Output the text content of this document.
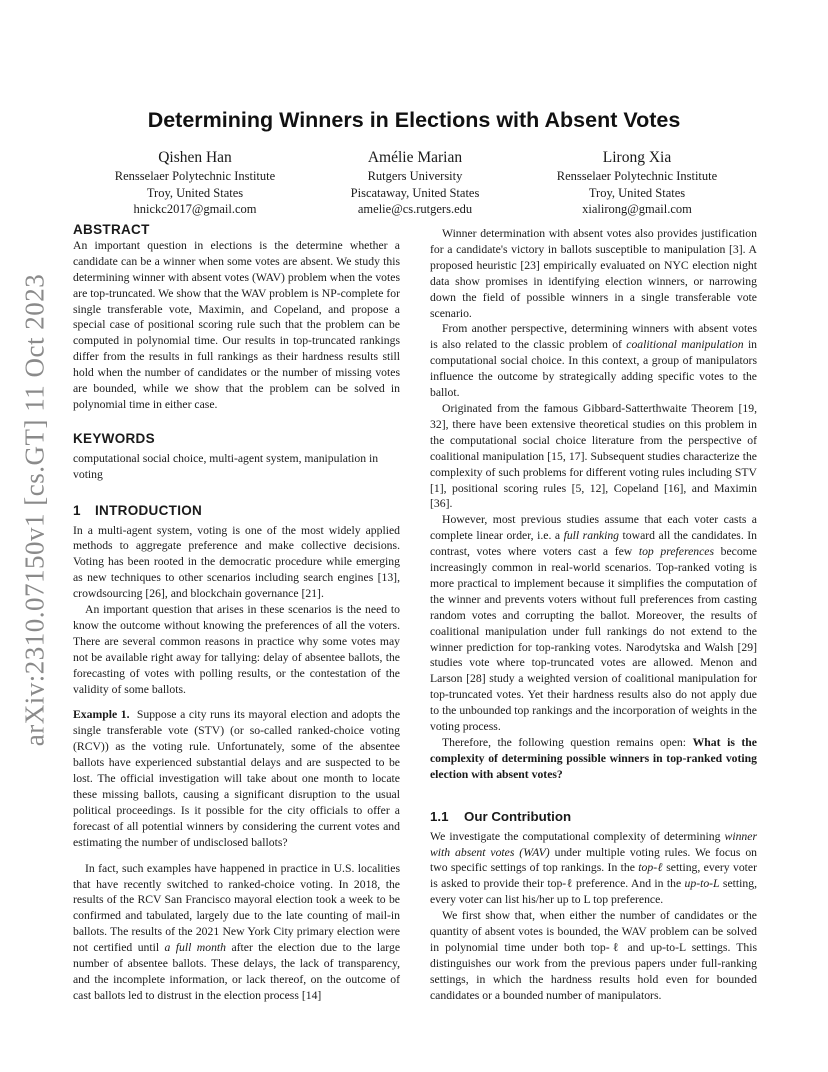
arXiv:2310.07150v1 [cs.GT] 11 Oct 2023
Determining Winners in Elections with Absent Votes
Qishen Han
Rensselaer Polytechnic Institute
Troy, United States
hnickc2017@gmail.com
Amélie Marian
Rutgers University
Piscataway, United States
amelie@cs.rutgers.edu
Lirong Xia
Rensselaer Polytechnic Institute
Troy, United States
xialirong@gmail.com
ABSTRACT

An important question in elections is the determine whether a candidate can be a winner when some votes are absent. We study this determining winner with absent votes (WAV) problem when the votes are top-truncated. We show that the WAV problem is NP-complete for single transferable vote, Maximin, and Copeland, and propose a special case of positional scoring rule such that the problem can be computed in polynomial time. Our results in top-truncated rankings differ from the results in full rankings as their hardness results still hold when the number of candidates or the number of missing votes are bounded, while we show that the problem can be solved in polynomial time in either case.

KEYWORDS

computational social choice, multi-agent system, manipulation in voting

1 INTRODUCTION

In a multi-agent system, voting is one of the most widely applied methods to aggregate preference and make collective decisions. Voting has been rooted in the democratic procedure while emerging as new techniques to other scenarios including search engines [13], crowdsourcing [26], and blockchain governance [21].

An important question that arises in these scenarios is the need to know the outcome without knowing the preferences of all the voters. There are several common reasons in practice why some votes may not be available right away for tallying: delay of absentee ballots, the forecasting of votes with polling results, or the contestation of the validity of some ballots.

Example 1. Suppose a city runs its mayoral election and adopts the single transferable vote (STV) (or so-called ranked-choice voting (RCV)) as the voting rule. Unfortunately, some of the absentee ballots have experienced substantial delays and are suspected to be lost. The official investigation will take about one month to locate these missing ballots, causing a significant disruption to the usual political proceedings. Is it possible for the city officials to offer a forecast of all potential winners by considering the current votes and estimating the number of undisclosed ballots?

In fact, such examples have happened in practice in U.S. localities that have recently switched to ranked-choice voting. In 2018, the results of the RCV San Francisco mayoral election took a week to be confirmed and tabulated, largely due to the late counting of mail-in ballots. The results of the 2021 New York City primary election were not certified until a full month after the election due to the large number of absentee ballots. These delays, the lack of transparency, and the incomplete information, or lack thereof, on the outcome of cast ballots led to distrust in the election process [14]

Winner determination with absent votes also provides justification for a candidate's victory in ballots susceptible to manipulation [3]. A proposed heuristic [23] empirically evaluated on NYC election night data show promises in identifying election winners, or narrowing down the field of possible winners in a single transferable vote scenario.

From another perspective, determining winners with absent votes is also related to the classic problem of coalitional manipulation in computational social choice. In this context, a group of manipulators influence the outcome by strategically adding specific votes to the ballot.

Originated from the famous Gibbard-Satterthwaite Theorem [19, 32], there have been extensive theoretical studies on this problem in the computational social choice literature from the perspective of coalitional manipulation [15, 17]. Subsequent studies characterize the complexity of such problems for different voting rules including STV [1], positional scoring rules [5, 12], Copeland [16], and Maximin [36].

However, most previous studies assume that each voter casts a complete linear order, i.e. a full ranking toward all the candidates. In contrast, votes where voters cast a few top preferences become increasingly common in real-world scenarios. Top-ranked voting is more practical to implement because it simplifies the computation of the winner and prevents voters without full preferences from casting random votes and corrupting the ballot. Moreover, the results of coalitional manipulation under full rankings do not extend to the winner prediction for top-ranking votes. Narodytska and Walsh [29] studies vote where top-truncated votes are allowed. Menon and Larson [28] study a weighted version of coalitional manipulation for top-truncated votes. Yet their hardness results also do not apply due to the unbounded top rankings and the incorporation of weights in the voting process.

Therefore, the following question remains open: What is the complexity of determining possible winners in top-ranked voting election with absent votes?

1.1 Our Contribution

We investigate the computational complexity of determining winner with absent votes (WAV) under multiple voting rules. We focus on two specific settings of top rankings. In the top-ℓ setting, every voter is asked to provide their top-ℓ preference. And in the up-to-L setting, every voter can list his/her up to L top preference.

We first show that, when either the number of candidates or the quantity of absent votes is bounded, the WAV problem can be solved in polynomial time under both top-ℓ and up-to-L settings. This distinguishes our work from the previous papers under full-ranking settings, in which the hardness results hold even for bounded candidates or a bounded number of manipulators.
